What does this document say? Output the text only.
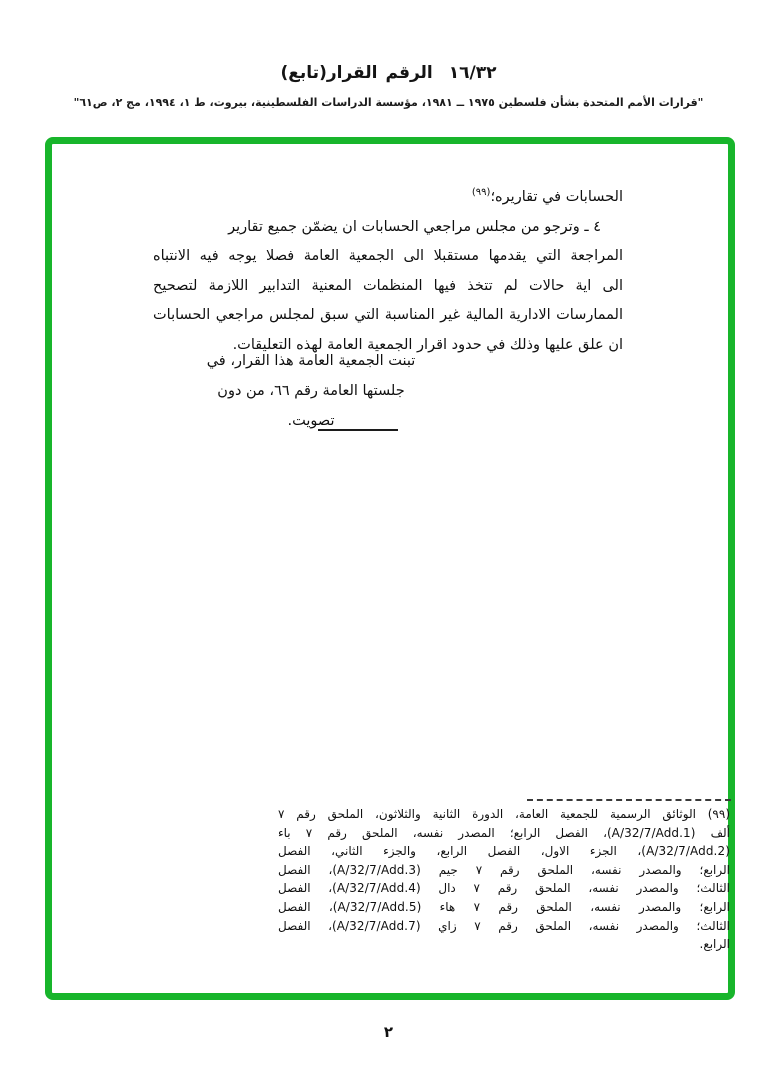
(تابع) القرار الرقم ١٦/٣٢
"قرارات الأمم المتحدة بشأن فلسطين ١٩٧٥ ــ ١٩٨١، مؤسسة الدراسات الفلسطينية، بيروت، ط ١، ١٩٩٤، مج ٢، ص٦١"
الحسابات في تقاريره؛$^{(٩٩)}$
٤ ـ وترجو من مجلس مراجعي الحسابات ان يضمّن جميع تقارير
المراجعة التي يقدمها مستقبلا الى الجمعية العامة فصلا يوجه فيه الانتباه
الى اية حالات لم تتخذ فيها المنظمات المعنية التدابير اللازمة لتصحيح
الممارسات الادارية المالية غير المناسبة التي سبق لمجلس مراجعي الحسابات
ان علق عليها وذلك في حدود اقرار الجمعية العامة لهذه التعليقات.
تبنت الجمعية العامة هذا القرار، في
جلستها العامة رقم ٦٦، من دون
تصويت.
(٩٩) الوثائق الرسمية للجمعية العامة، الدورة الثانية والثلاثون، الملحق رقم ٧
ألف (A/32/7/Add.1)، الفصل الرابع؛ المصدر نفسه، الملحق رقم ٧ باء
(A/32/7/Add.2)، الجزء الاول، الفصل الرابع، والجزء الثاني، الفصل
الرابع؛ والمصدر نفسه، الملحق رقم ٧ جيم (A/32/7/Add.3)، الفصل
الثالث؛ والمصدر نفسه، الملحق رقم ٧ دال (A/32/7/Add.4)، الفصل
الرابع؛ والمصدر نفسه، الملحق رقم ٧ هاء (A/32/7/Add.5)، الفصل
الثالث؛ والمصدر نفسه، الملحق رقم ٧ زاي (A/32/7/Add.7)، الفصل
الرابع.
٢
